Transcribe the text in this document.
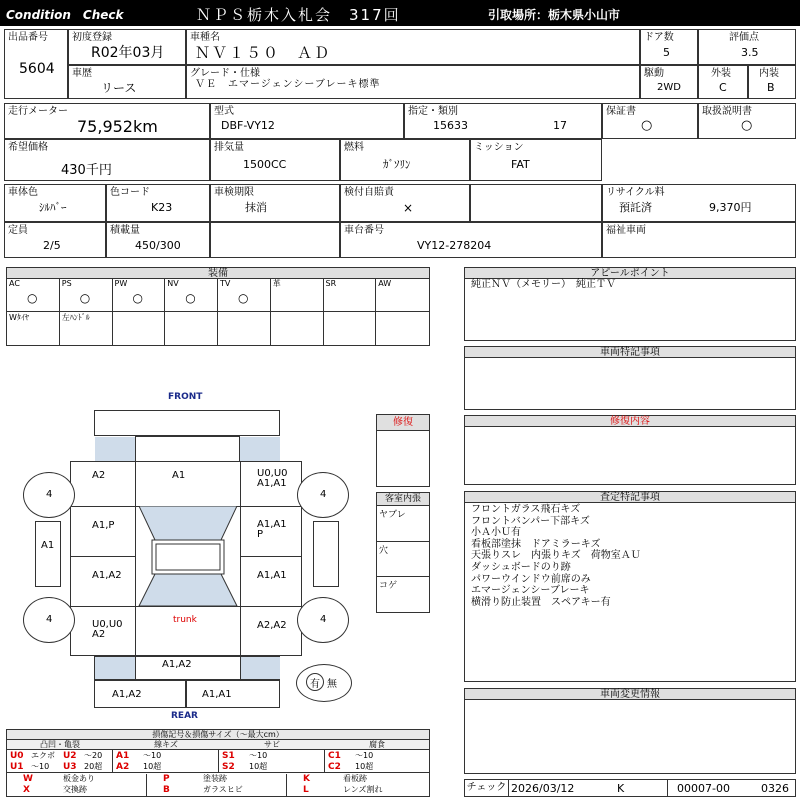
Condition　Check	ＮＰＳ栃木入札会　317回	引取場所：栃木県小山市
出品番号
5604
初度登録
R02年03月
車種名
ＮＶ１５０　ＡＤ
ドア数
5
評価点
3.5
車歴
リース
グレード・仕様
ＶＥ　エマージェンシーブレーキ標準
駆動
2WD
外装
C
内装
B
走行メーター
75,952km
型式
DBF-VY12
指定・類別
15633	17
保証書
○
取扱説明書
○
希望価格
430千円
排気量
1500CC
燃料
ｶﾞｿﾘﾝ
ミッション
FAT
車体色
ｼﾙﾊﾞｰ
色コード
K23
車検期限
抹消
検付自賠責
×
リサイクル料
預託済	9,370円
定員
2/5
積載量
450/300
車台番号
VY12-278204
福祉車両
装備
AC
○
PS
○
PW
○
NV
○
TV
○
革	SR	AW
Wﾀｲﾔ	左ﾊﾝﾄﾞﾙ
アピールポイント
純正ＮＶ（メモリー）　純正ＴＶ
車両特記事項
修復内容
査定特記事項
フロントガラス飛石キズ
フロントバンパー下部キズ
小Ａ小Ｕ有
看板部塗抹　ドアミラーキズ
天張りスレ　内張りキズ　荷物室ＡＵ
ダッシュボードのり跡
パワーウインドウ前席のみ
エマージェンシーブレーキ
横滑り防止装置　スペアキー有
車両変更情報
チェック 2026/03/12	K	00007-00	0326
FRONT
REAR
trunk
4	4
4	4
A1
A2	A1	U0,U0
A1,A1
A1,P	A1,A1
P
A1,A2	A1,A1
U0,U0
A2
A2,A2
A1,A2
A1,A2	A1,A1
修復
客室内張
ヤブレ
穴
コゲ
有 無
損傷記号＆損傷サイズ（～最大cm）
凸凹・亀裂
U0 エクボ
U1 ～10
U2 ～20
U3 20超
線キズ
A1 ～10
A2 10超
サビ
S1 ～10
S2 10超
腐食
C1 ～10
C2 10超
W	板金あり	P	塗装跡	K	看板跡
X	交換跡	B	ガラスヒビ	L	レンズ割れ
